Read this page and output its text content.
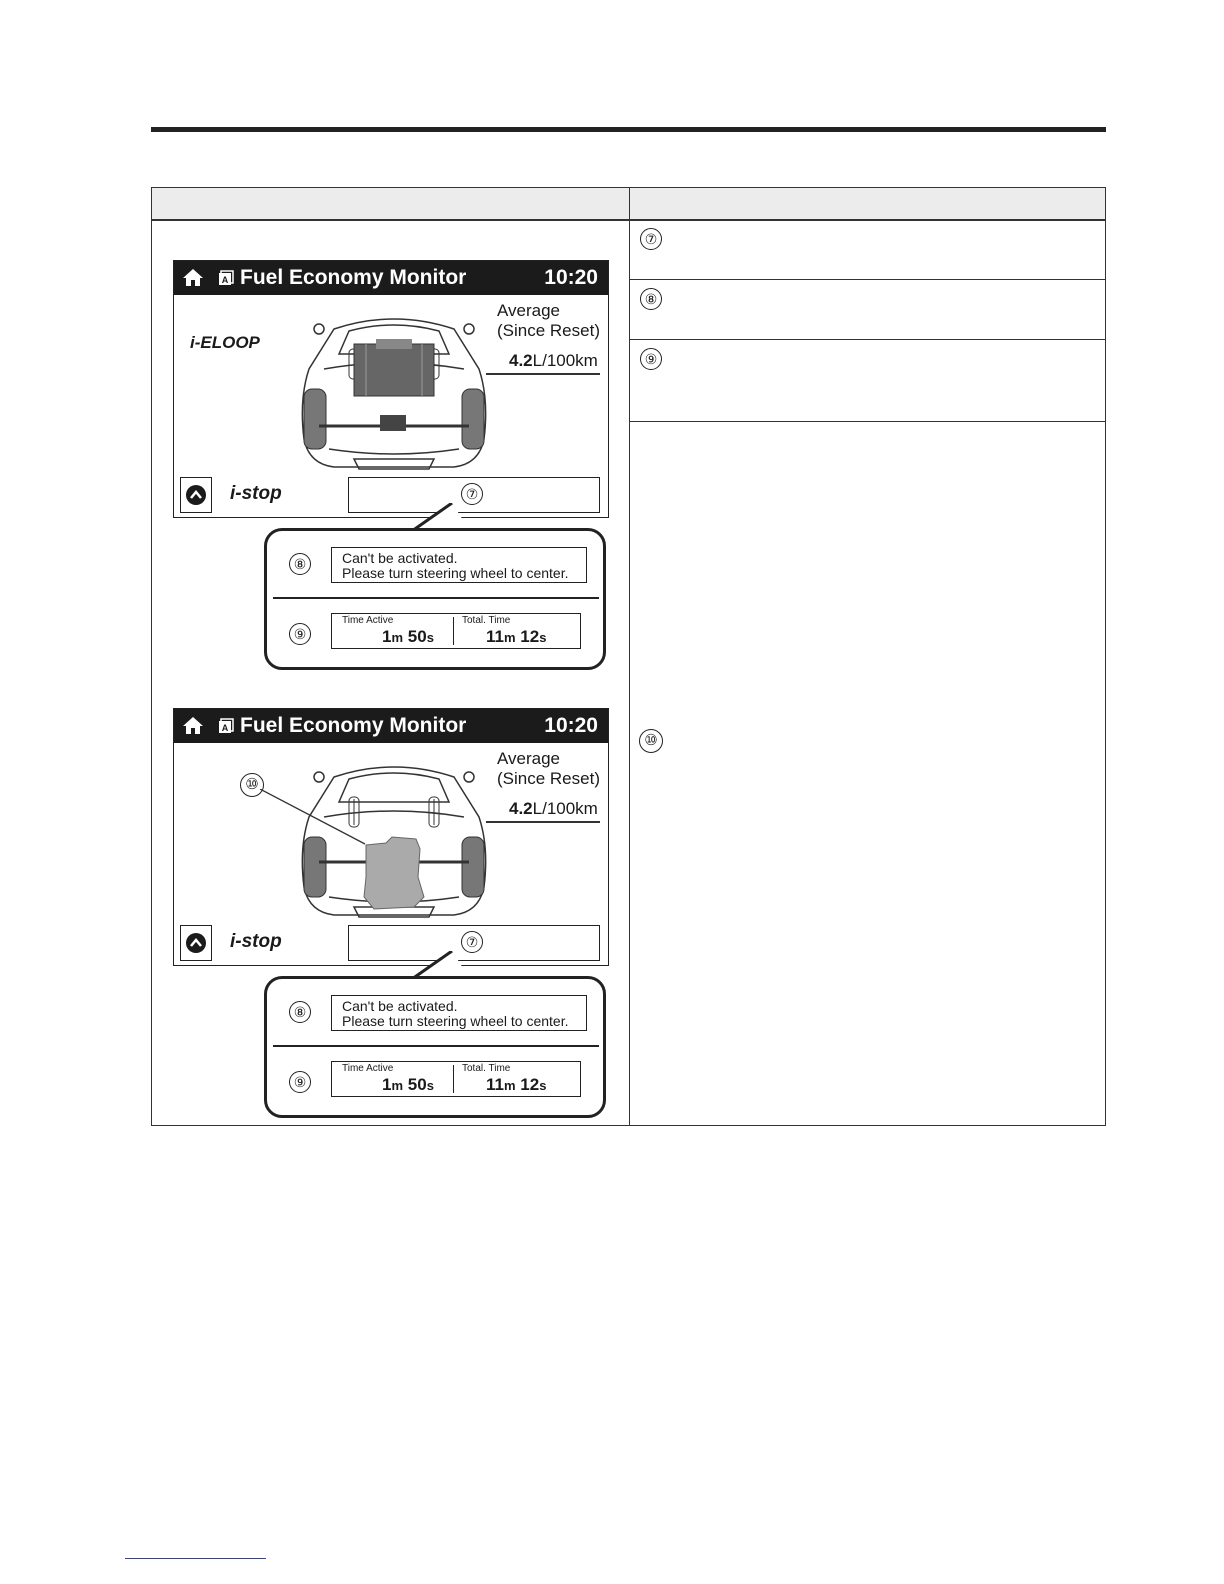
⑦
⑧
⑨
⑩
A Fuel Economy Monitor	10:20
i-ELOOP
Average
(Since Reset)
4.2L/100km
i-stop	⑦
⑧	Can't be activated.
Please turn steering wheel to center.
⑨
Time Active
1m 50s
Total. Time
11m 12s
A Fuel Economy Monitor	10:20
⑩
Average
(Since Reset)
4.2L/100km
i-stop	⑦
⑧	Can't be activated.
Please turn steering wheel to center.
⑨
Time Active
1m 50s
Total. Time
11m 12s
